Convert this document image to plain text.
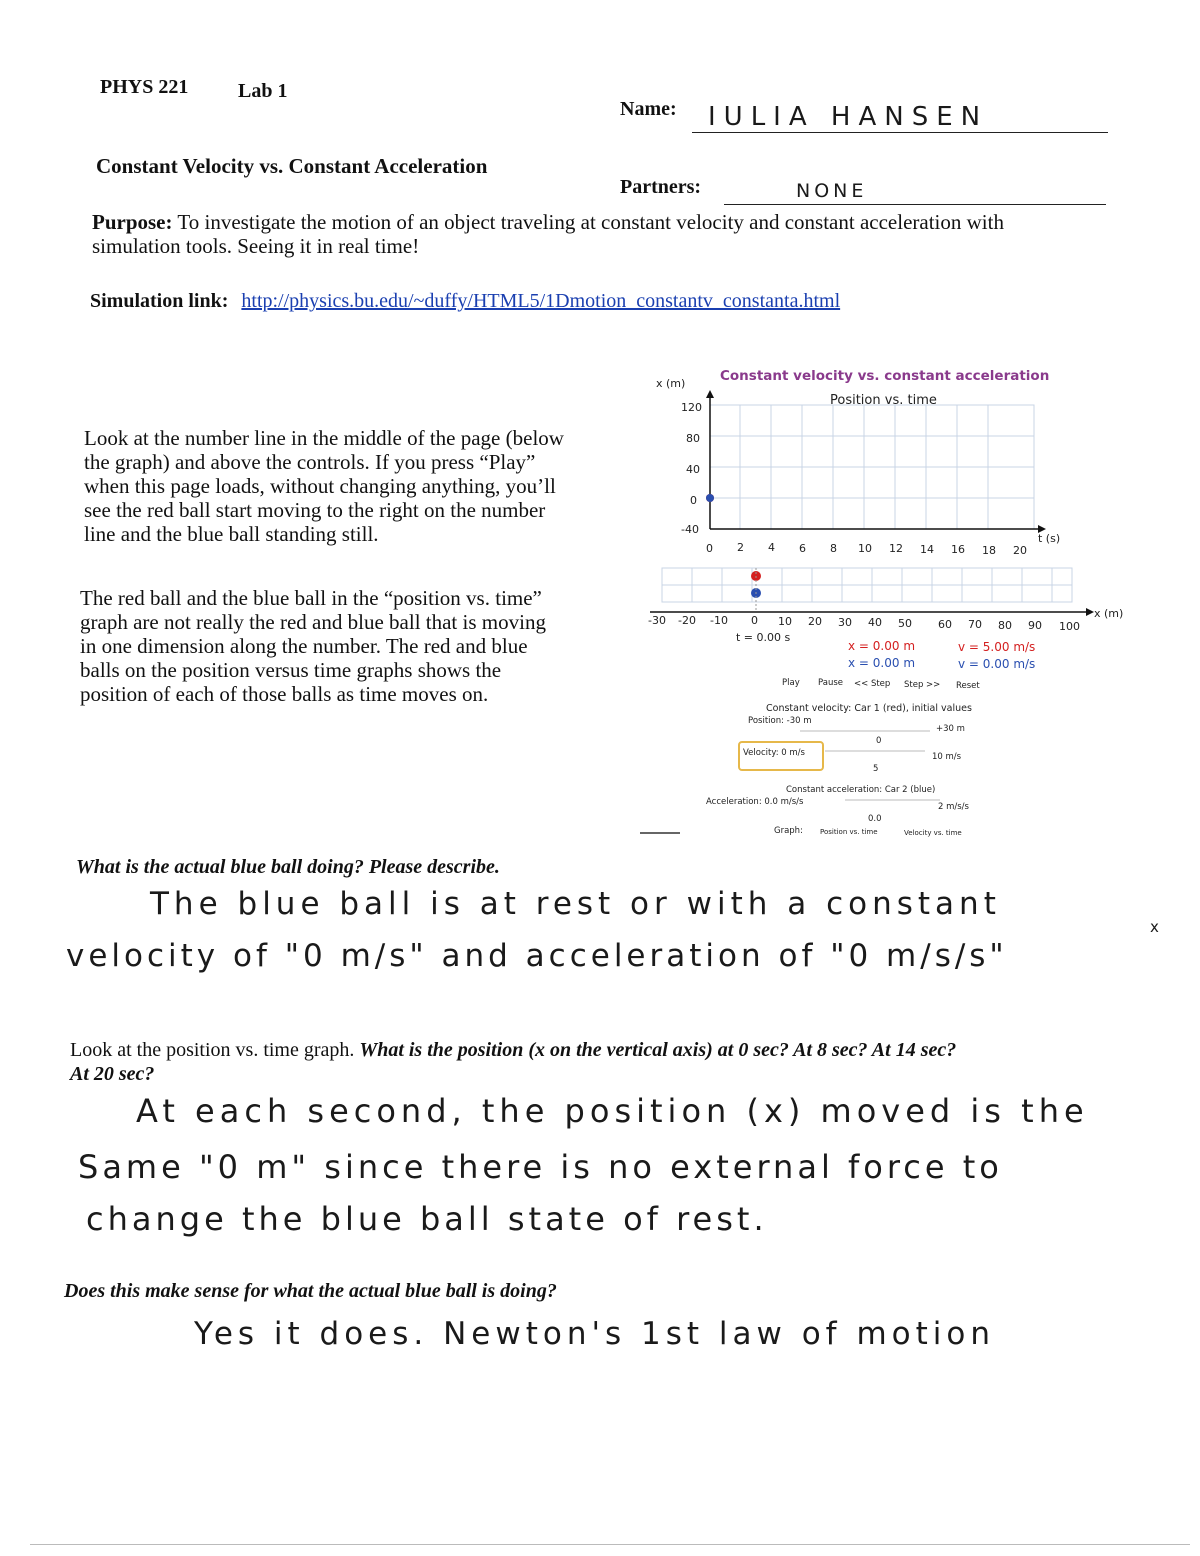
PHYS 221 Lab 1
Name: IULIA HANSEN
Constant Velocity vs. Constant Acceleration
Partners:	NONE
Purpose: To investigate the motion of an object traveling at constant velocity and constant acceleration with
simulation tools. Seeing it in real time!
Simulation link: http://physics.bu.edu/~duffy/HTML5/1Dmotion_constantv_constanta.html
Look at the number line in the middle of the page (below
the graph) and above the controls. If you press “Play”
when this page loads, without changing anything, you’ll
see the red ball start moving to the right on the number
line and the blue ball standing still.
The red ball and the blue ball in the “position vs. time”
graph are not really the red and blue ball that is moving
in one dimension along the number. The red and blue
balls on the position versus time graphs shows the
position of each of those balls as time moves on.
Constant velocity vs. constant acceleration
Position vs. time
x (m)
120
80
40
0
-40
0 2 4 6 8 10 12 14 16 18 20
t (s)
-30 -20 -10 0 10 20 30 40 50 60 70 80 90 100
x (m)
t = 0.00 s
x = 0.00 m	v = 5.00 m/s
x = 0.00 m	v = 0.00 m/s
Play Pause << Step Step >> Reset
Constant velocity: Car 1 (red), initial values
Position: -30 m
+30 m
0
Velocity: 0 m/s	10 m/s
5
Constant acceleration: Car 2 (blue)
Acceleration: 0.0 m/s/s	2 m/s/s
0.0
Graph: Position vs. time	Velocity vs. time
What is the actual blue ball doing? Please describe.
The blue ball is at rest or with a constant
velocity of "0 m/s" and acceleration of "0 m/s/s"
x
Look at the position vs. time graph. What is the position (x on the vertical axis) at 0 sec? At 8 sec? At 14 sec?
At 20 sec?
At each second, the position (x) moved is the
Same "0 m" since there is no external force to
change the blue ball state of rest.
Does this make sense for what the actual blue ball is doing?
Yes it does. Newton's 1st law of motion
